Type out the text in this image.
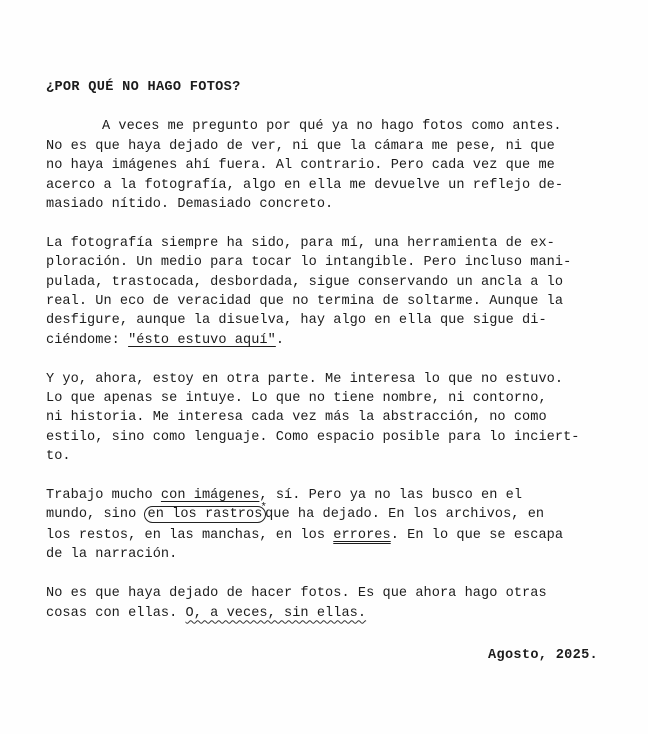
¿POR QUÉ NO HAGO FOTOS?
A veces me pregunto por qué ya no hago fotos como antes.
No es que haya dejado de ver, ni que la cámara me pese, ni que
no haya imágenes ahí fuera. Al contrario. Pero cada vez que me
acerco a la fotografía, algo en ella me devuelve un reflejo de-
masiado nítido. Demasiado concreto.
La fotografía siempre ha sido, para mí, una herramienta de ex-
ploración. Un medio para tocar lo intangible. Pero incluso mani-
pulada, trastocada, desbordada, sigue conservando un ancla a lo
real. Un eco de veracidad que no termina de soltarme. Aunque la
desfigure, aunque la disuelva, hay algo en ella que sigue di-
ciéndome: "ésto estuvo aquí".
Y yo, ahora, estoy en otra parte. Me interesa lo que no estuvo.
Lo que apenas se intuye. Lo que no tiene nombre, ni contorno,
ni historia. Me interesa cada vez más la abstracción, no como
estilo, sino como lenguaje. Como espacio posible para lo inciert-
to.
Trabajo mucho con imágenes, sí. Pero ya no las busco en el
mundo, sino en los rastros*que ha dejado. En los archivos, en
los restos, en las manchas, en los errores. En lo que se escapa
de la narración.
No es que haya dejado de hacer fotos. Es que ahora hago otras
cosas con ellas. O, a veces, sin ellas.
Agosto, 2025.
